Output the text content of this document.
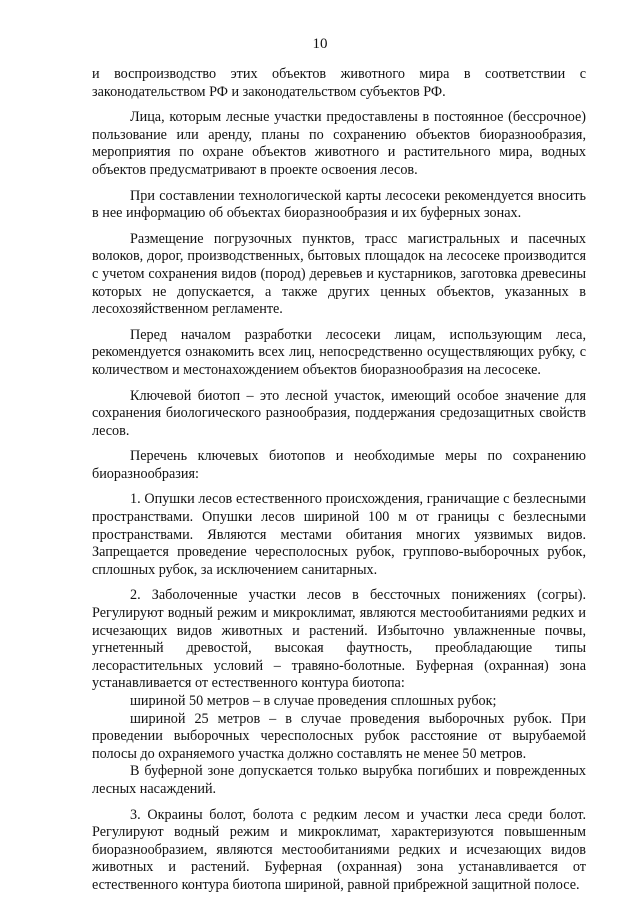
10

и воспроизводство этих объектов животного мира в соответствии с законодательством РФ и законодательством субъектов РФ.

Лица, которым лесные участки предоставлены в постоянное (бессрочное) пользование или аренду, планы по сохранению объектов биоразнообразия, мероприятия по охране объектов животного и растительного мира, водных объектов предусматривают в проекте освоения лесов.

При составлении технологической карты лесосеки рекомендуется вносить в нее информацию об объектах биоразнообразия и их буферных зонах.

Размещение погрузочных пунктов, трасс магистральных и пасечных волоков, дорог, производственных, бытовых площадок на лесосеке производится с учетом сохранения видов (пород) деревьев и кустарников, заготовка древесины которых не допускается, а также других ценных объектов, указанных в лесохозяйственном регламенте.

Перед началом разработки лесосеки лицам, использующим леса, рекомендуется ознакомить всех лиц, непосредственно осуществляющих рубку, с количеством и местонахождением объектов биоразнообразия на лесосеке.

Ключевой биотоп – это лесной участок, имеющий особое значение для сохранения биологического разнообразия, поддержания средозащитных свойств лесов.

Перечень ключевых биотопов и необходимые меры по сохранению биоразнообразия:

1. Опушки лесов естественного происхождения, граничащие с безлесными пространствами. Опушки лесов шириной 100 м от границы с безлесными пространствами. Являются местами обитания многих уязвимых видов. Запрещается проведение чересполосных рубок, группово-выборочных рубок, сплошных рубок, за исключением санитарных.

2. Заболоченные участки лесов в бессточных понижениях (согры). Регулируют водный режим и микроклимат, являются местообитаниями редких и исчезающих видов животных и растений. Избыточно увлажненные почвы, угнетенный древостой, высокая фаутность, преобладающие типы лесорастительных условий – травяно-болотные. Буферная (охранная) зона устанавливается от естественного контура биотопа:

шириной 50 метров – в случае проведения сплошных рубок;

шириной 25 метров – в случае проведения выборочных рубок. При проведении выборочных чересполосных рубок расстояние от вырубаемой полосы до охраняемого участка должно составлять не менее 50 метров.

В буферной зоне допускается только вырубка погибших и поврежденных лесных насаждений.

3. Окраины болот, болота с редким лесом и участки леса среди болот. Регулируют водный режим и микроклимат, характеризуются повышенным биоразнообразием, являются местообитаниями редких и исчезающих видов животных и растений. Буферная (охранная) зона устанавливается от естественного контура биотопа шириной, равной прибрежной защитной полосе.
